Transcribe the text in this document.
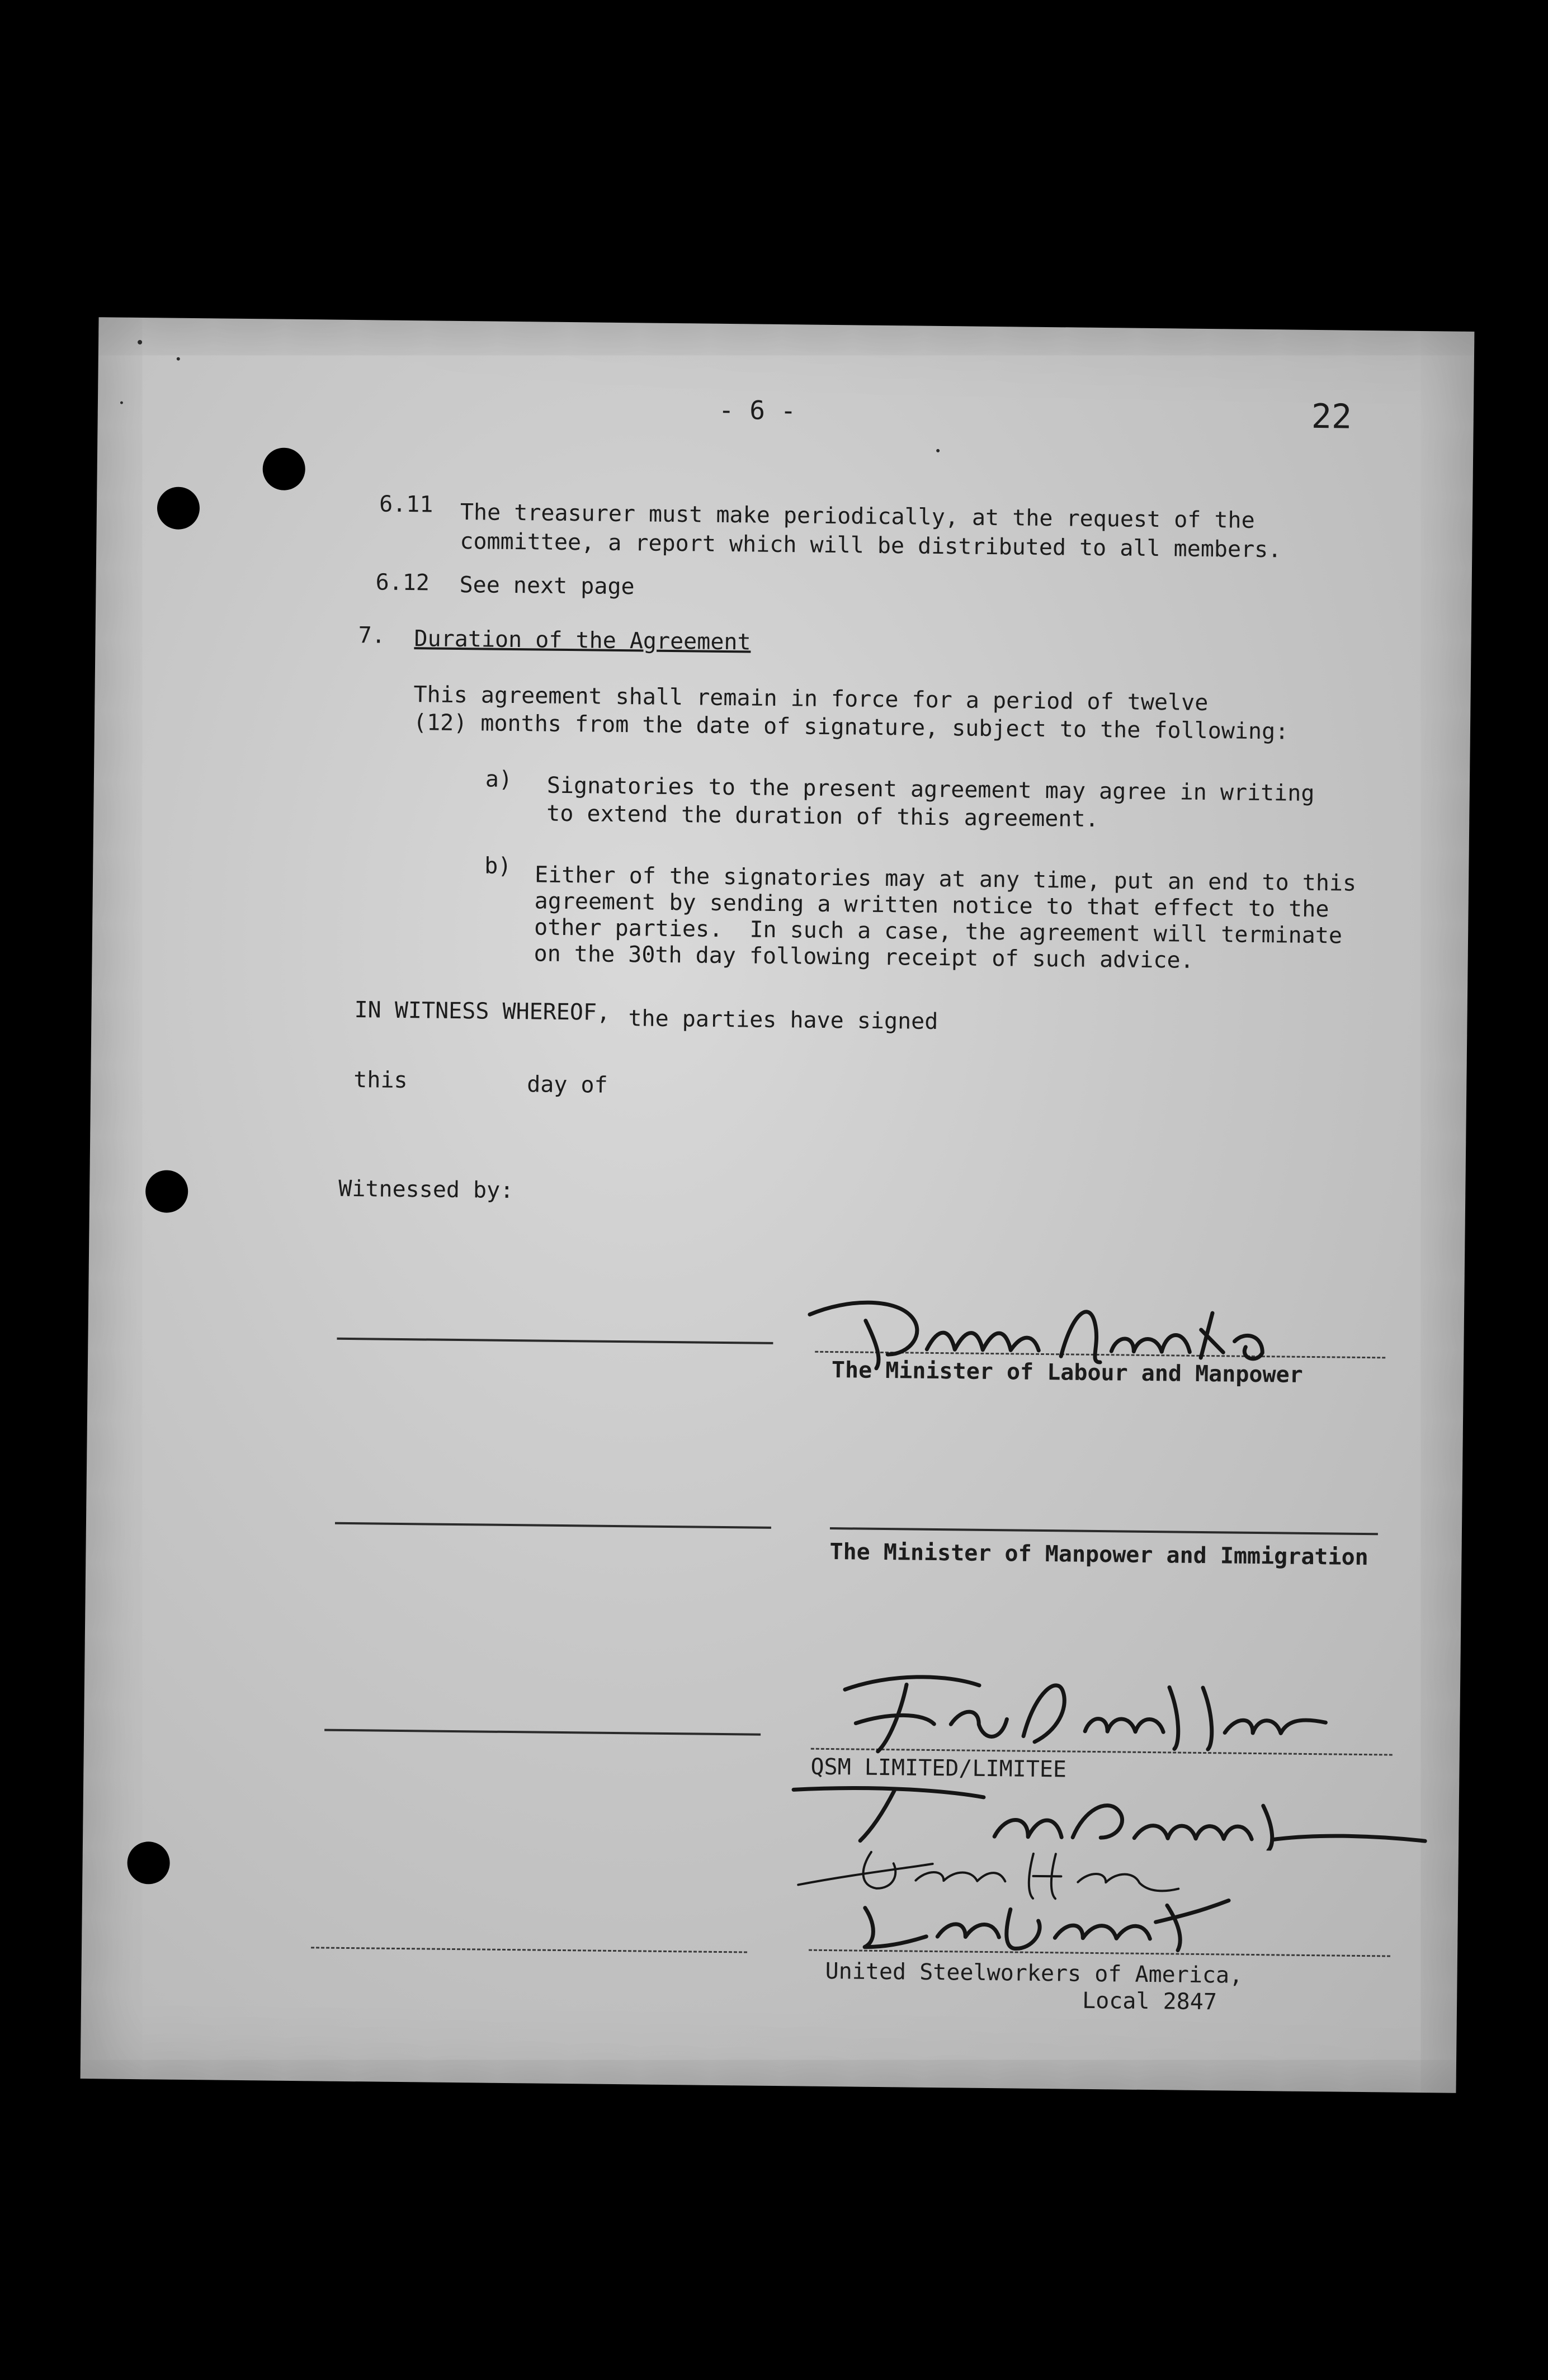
- 6 -	22
6.11 The treasurer must make periodically, at the request of the
committee, a report which will be distributed to all members.
6.12 See next page
7. Duration of the Agreement
This agreement shall remain in force for a period of twelve
(12) months from the date of signature, subject to the following:
a) Signatories to the present agreement may agree in writing
to extend the duration of this agreement.
b) Either of the signatories may at any time, put an end to this
agreement by sending a written notice to that effect to the
other parties.  In such a case, the agreement will terminate
on the 30th day following receipt of such advice.
IN WITNESS WHEREOF, the parties have signed
this	day of
Witnessed by:
The Minister of Labour and Manpower
The Minister of Manpower and Immigration
QSM LIMITED/LIMITEE
United Steelworkers of America,
Local 2847
